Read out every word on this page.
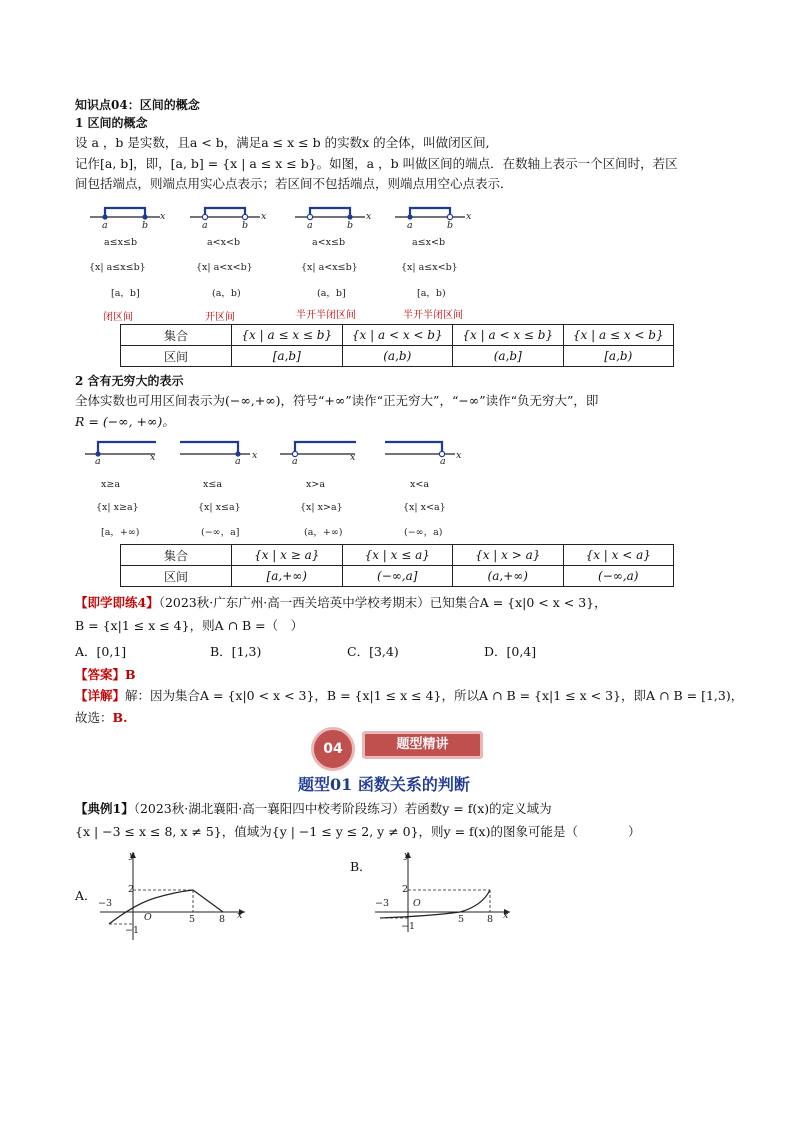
知识点04：区间的概念
1 区间的概念
设 a ，b 是实数，且a < b，满足a ≤ x ≤ b 的实数x 的全体，叫做闭区间,
记作[a, b]，即，[a, b] = {x | a ≤ x ≤ b}。如图，a ，b 叫做区间的端点．在数轴上表示一个区间时，若区
间包括端点，则端点用实心点表示；若区间不包括端点，则端点用空心点表示．
a	b
x
a	b
x
a	b
x
a	b
x
a≤x≤b	a<x<b	a<x≤b	a≤x<b
{x| a≤x≤b}	{x| a<x<b}	{x| a<x≤b}	{x| a≤x<b}
[a，b]	(a，b)	(a，b]	[a，b)
闭区间	开区间	半开半闭区间	半开半闭区间
集合	{x | a ≤ x ≤ b}	{x | a < x < b}	{x | a < x ≤ b}	{x | a ≤ x < b}
区间	[a,b]	(a,b)	(a,b]	[a,b)
2 含有无穷大的表示
全体实数也可用区间表示为(−∞,+∞)，符号“+∞”读作“正无穷大”，“−∞”读作“负无穷大”，即
R = (−∞, +∞)。
a	x	a
x
a	x	a
x
x≥a	x≤a	x>a	x<a
{x| x≥a}	{x| x≤a}	{x| x>a}	{x| x<a}
[a，+∞)	(−∞，a]	(a，+∞)	(−∞，a)
集合	{x | x ≥ a}	{x | x ≤ a}	{x | x > a}	{x | x < a}
区间	[a,+∞)	(−∞,a]	(a,+∞)	(−∞,a)
【即学即练4】（2023秋·广东广州·高一西关培英中学校考期末）已知集合A = {x|0 < x < 3}，
B = {x|1 ≤ x ≤ 4}，则A ∩ B =（　）
A．[0,1]	B．[1,3)	C．[3,4)	D．[0,4]
【答案】B
【详解】解：因为集合A = {x|0 < x < 3}，B = {x|1 ≤ x ≤ 4}，所以A ∩ B = {x|1 ≤ x < 3}，即A ∩ B = [1,3)，
故选：B.
题型精讲
04
题型01 函数关系的判断
【典例1】（2023秋·湖北襄阳·高一襄阳四中校考阶段练习）若函数y = f(x)的定义域为
{x | −3 ≤ x ≤ 8, x ≠ 5}，值域为{y | −1 ≤ y ≤ 2, y ≠ 0}，则y = f(x)的图象可能是（　　　　）
A．
y
x
2
−3
O
−1
5	8
B．
y
x
2
−3	O
−1
5 8
